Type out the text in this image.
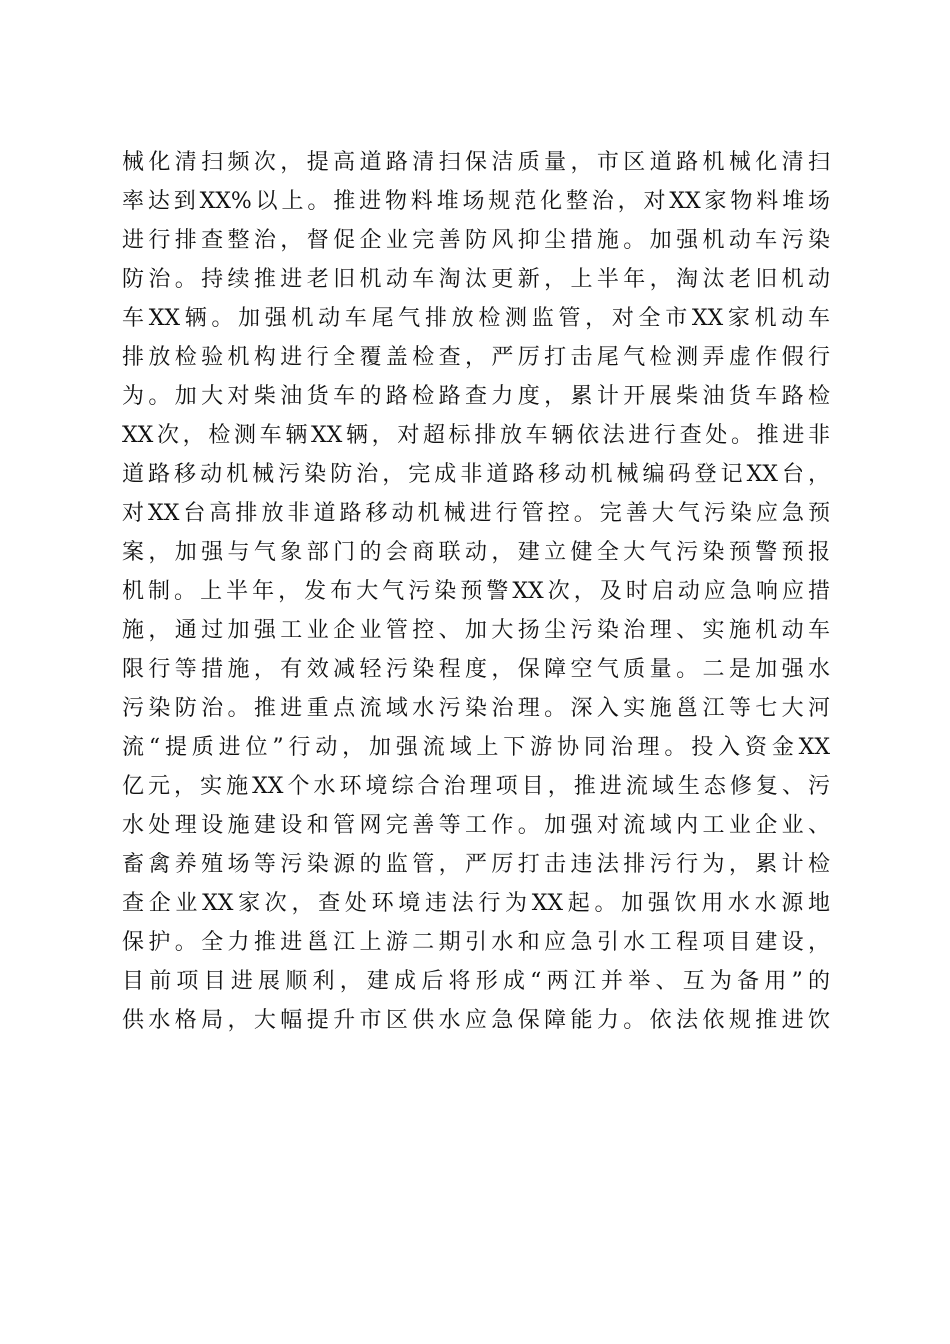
械化清扫频次，提高道路清扫保洁质量，市区道路机械化清扫
率达到XX%以上。推进物料堆场规范化整治，对XX家物料堆场
进行排查整治，督促企业完善防风抑尘措施。加强机动车污染
防治。持续推进老旧机动车淘汰更新，上半年，淘汰老旧机动
车XX辆。加强机动车尾气排放检测监管，对全市XX家机动车
排放检验机构进行全覆盖检查，严厉打击尾气检测弄虚作假行
为。加大对柴油货车的路检路查力度，累计开展柴油货车路检
XX次，检测车辆XX辆，对超标排放车辆依法进行查处。推进非
道路移动机械污染防治，完成非道路移动机械编码登记XX台，
对XX台高排放非道路移动机械进行管控。完善大气污染应急预
案，加强与气象部门的会商联动，建立健全大气污染预警预报
机制。上半年，发布大气污染预警XX次，及时启动应急响应措
施，通过加强工业企业管控、加大扬尘污染治理、实施机动车
限行等措施，有效减轻污染程度，保障空气质量。二是加强水
污染防治。推进重点流域水污染治理。深入实施邕江等七大河
流“提质进位”行动，加强流域上下游协同治理。投入资金XX
亿元，实施XX个水环境综合治理项目，推进流域生态修复、污
水处理设施建设和管网完善等工作。加强对流域内工业企业、
畜禽养殖场等污染源的监管，严厉打击违法排污行为，累计检
查企业XX家次，查处环境违法行为XX起。加强饮用水水源地
保护。全力推进邕江上游二期引水和应急引水工程项目建设，
目前项目进展顺利，建成后将形成“两江并举、互为备用”的
供水格局，大幅提升市区供水应急保障能力。依法依规推进饮
